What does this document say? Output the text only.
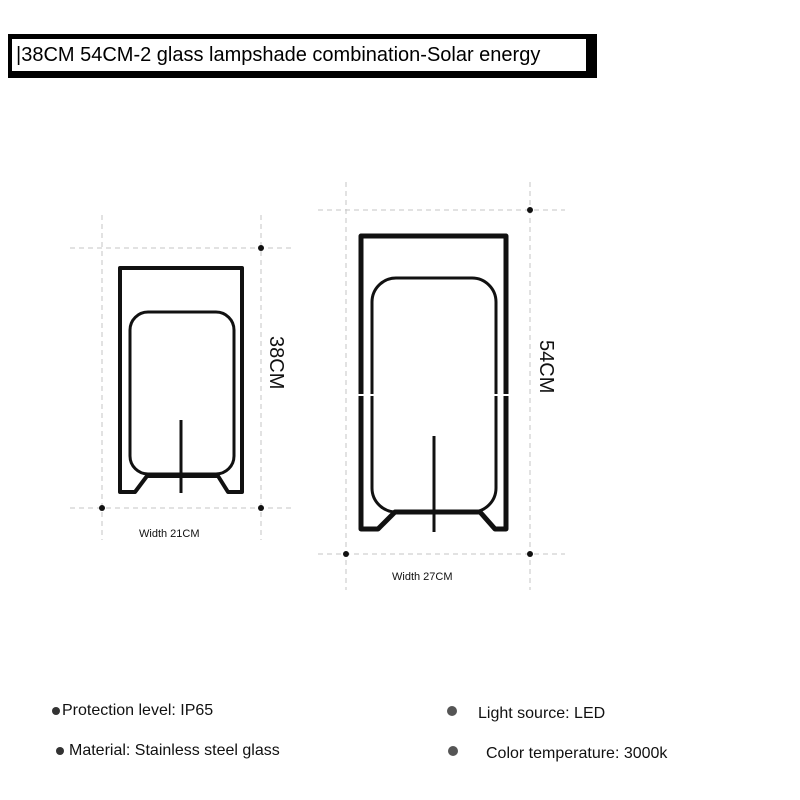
|38CM 54CM-2 glass lampshade combination-Solar energy
38CM	54CM
Width 21CM
Width 27CM
Protection level: IP65
Material: Stainless steel glass
Light source: LED
Color temperature: 3000k
